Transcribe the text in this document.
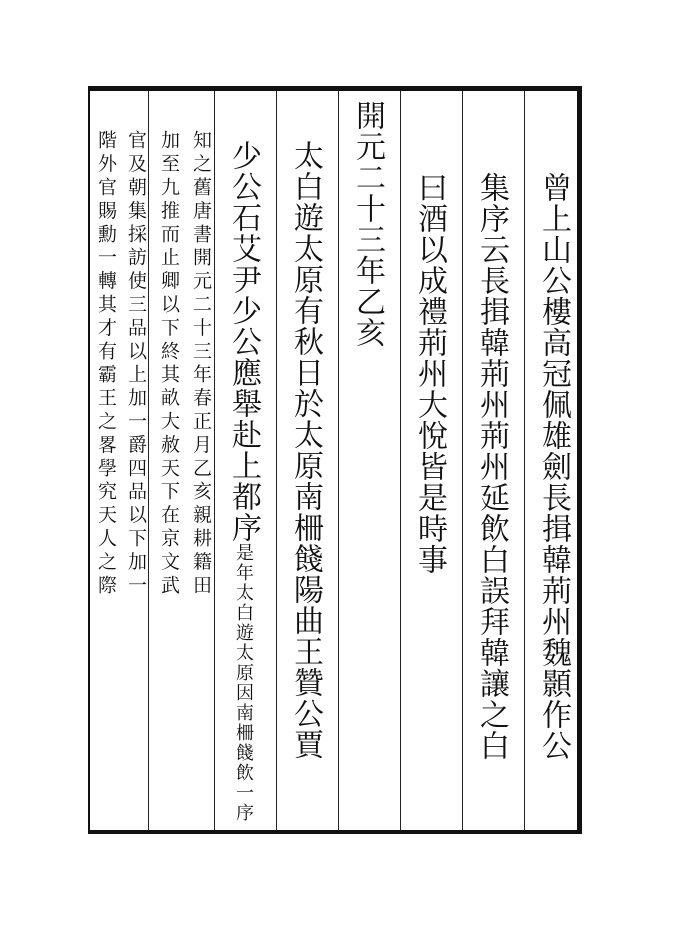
曾上山公樓高冠佩雄劍長揖韓荊州魏顥作公
集序云長揖韓荊州荊州延飲白誤拜韓讓之白
曰酒以成禮荊州大悅皆是時事
開元二十三年乙亥
太白遊太原有秋日於太原南柵餞陽曲王贊公賈
少公石艾尹少公應舉赴上都序是年太白遊太原因南柵餞飲一序
知之舊唐書開元二十三年春正月乙亥親耕籍田
加至九推而止卿以下終其畝大赦天下在京文武
官及朝集採訪使三品以上加一爵四品以下加一
階外官賜勳一轉其才有霸王之畧學究天人之際
